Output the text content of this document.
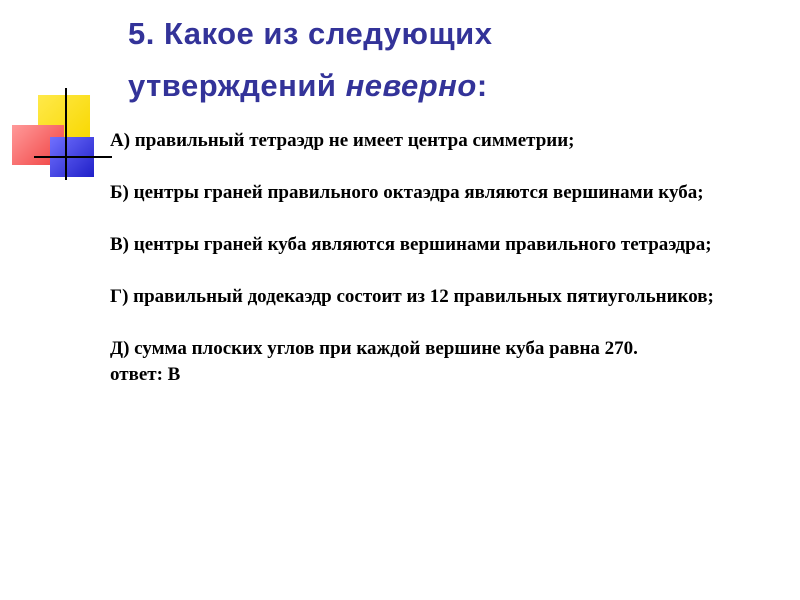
5. Какое из следующих
утверждений неверно:

А) правильный тетраэдр не имеет центра симметрии;

Б) центры граней правильного октаэдра являются вершинами куба;

В) центры граней куба являются вершинами правильного тетраэдра;

Г) правильный додекаэдр состоит из 12 правильных пятиугольников;

Д) сумма плоских углов при каждой вершине куба равна 270.

ответ: В
